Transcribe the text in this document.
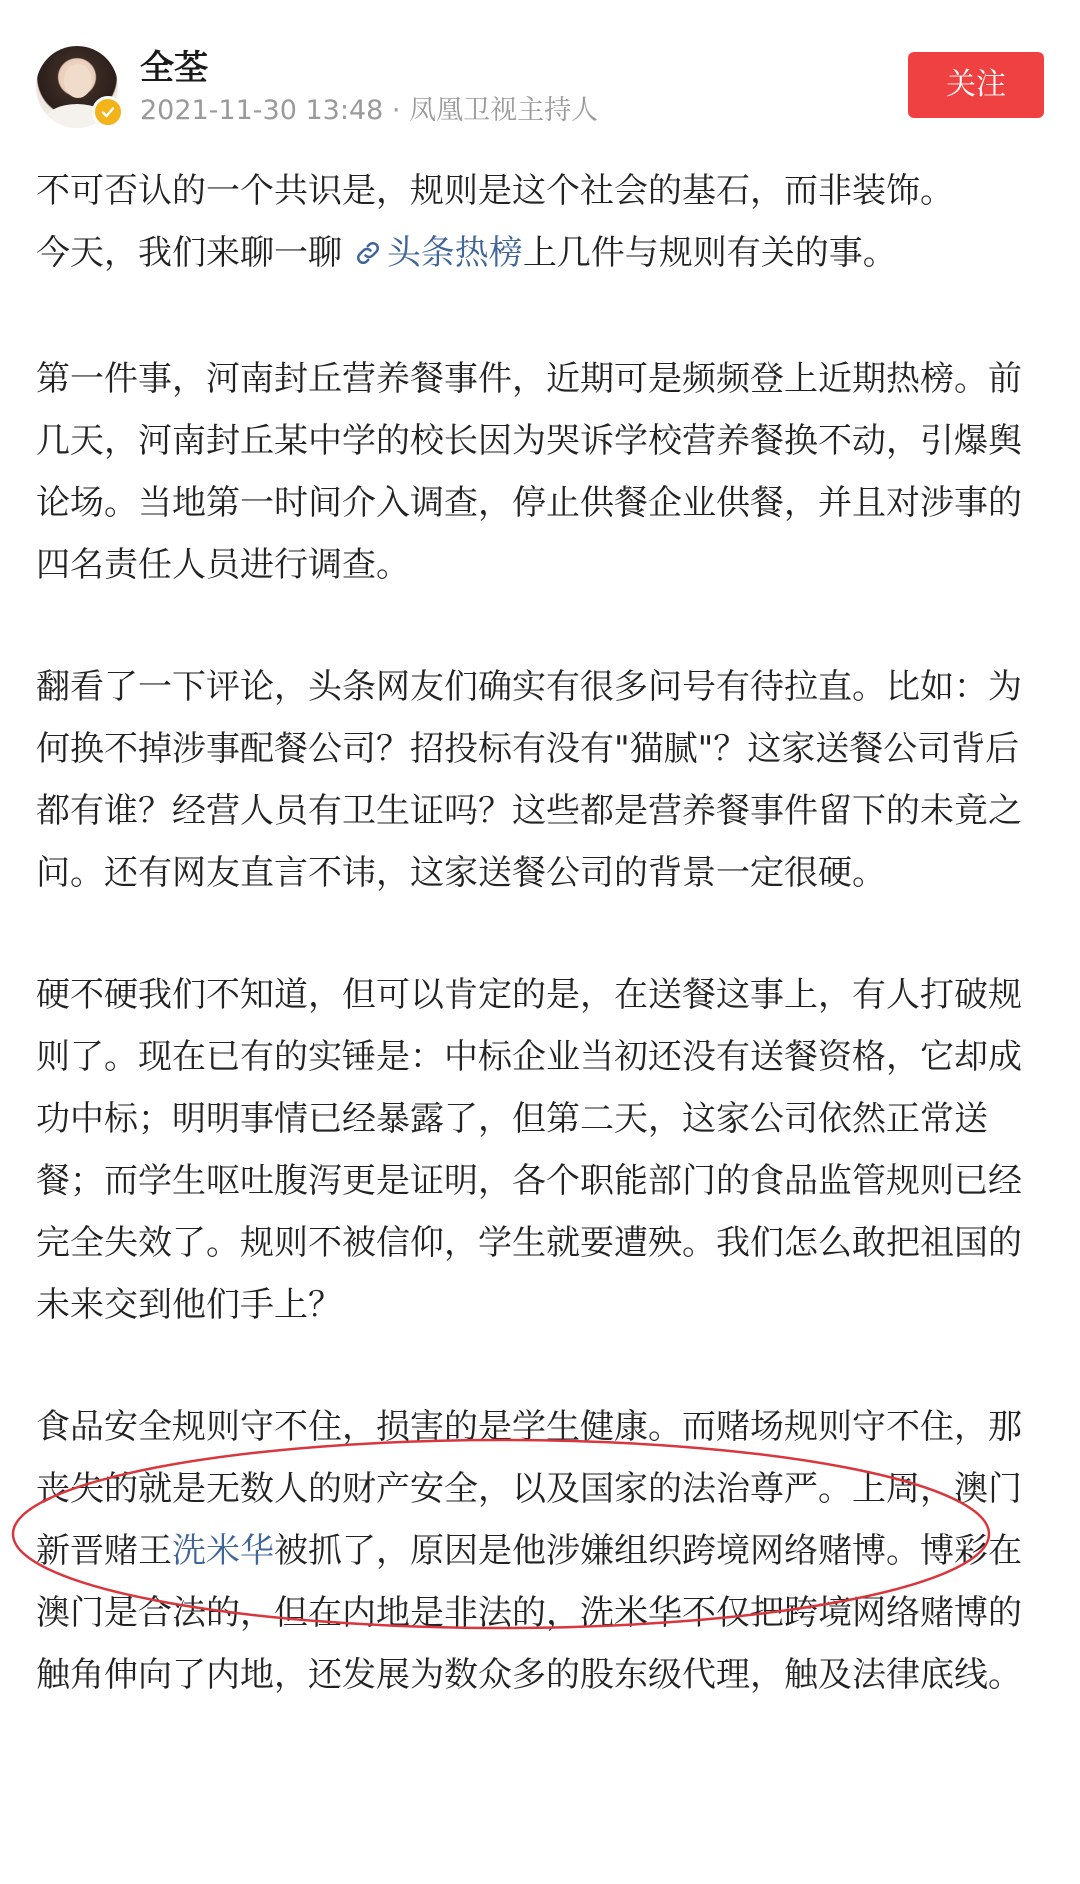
全荃
2021-11-30 13:48 · 凤凰卫视主持人
关注

不可否认的一个共识是，规则是这个社会的基石，而非装饰。
今天，我们来聊一聊 头条热榜上几件与规则有关的事。

第一件事，河南封丘营养餐事件，近期可是频频登上近期热榜。前几天，河南封丘某中学的校长因为哭诉学校营养餐换不动，引爆舆论场。当地第一时间介入调查，停止供餐企业供餐，并且对涉事的四名责任人员进行调查。

翻看了一下评论，头条网友们确实有很多问号有待拉直。比如：为何换不掉涉事配餐公司？招投标有没有"猫腻"？这家送餐公司背后都有谁？经营人员有卫生证吗？这些都是营养餐事件留下的未竟之问。还有网友直言不讳，这家送餐公司的背景一定很硬。

硬不硬我们不知道，但可以肯定的是，在送餐这事上，有人打破规则了。现在已有的实锤是：中标企业当初还没有送餐资格，它却成功中标；明明事情已经暴露了，但第二天，这家公司依然正常送餐；而学生呕吐腹泻更是证明，各个职能部门的食品监管规则已经完全失效了。规则不被信仰，学生就要遭殃。我们怎么敢把祖国的未来交到他们手上？

食品安全规则守不住，损害的是学生健康。而赌场规则守不住，那丧失的就是无数人的财产安全，以及国家的法治尊严。上周，澳门新晋赌王洗米华被抓了，原因是他涉嫌组织跨境网络赌博。博彩在澳门是合法的，但在内地是非法的，洗米华不仅把跨境网络赌博的触角伸向了内地，还发展为数众多的股东级代理，触及法律底线。
